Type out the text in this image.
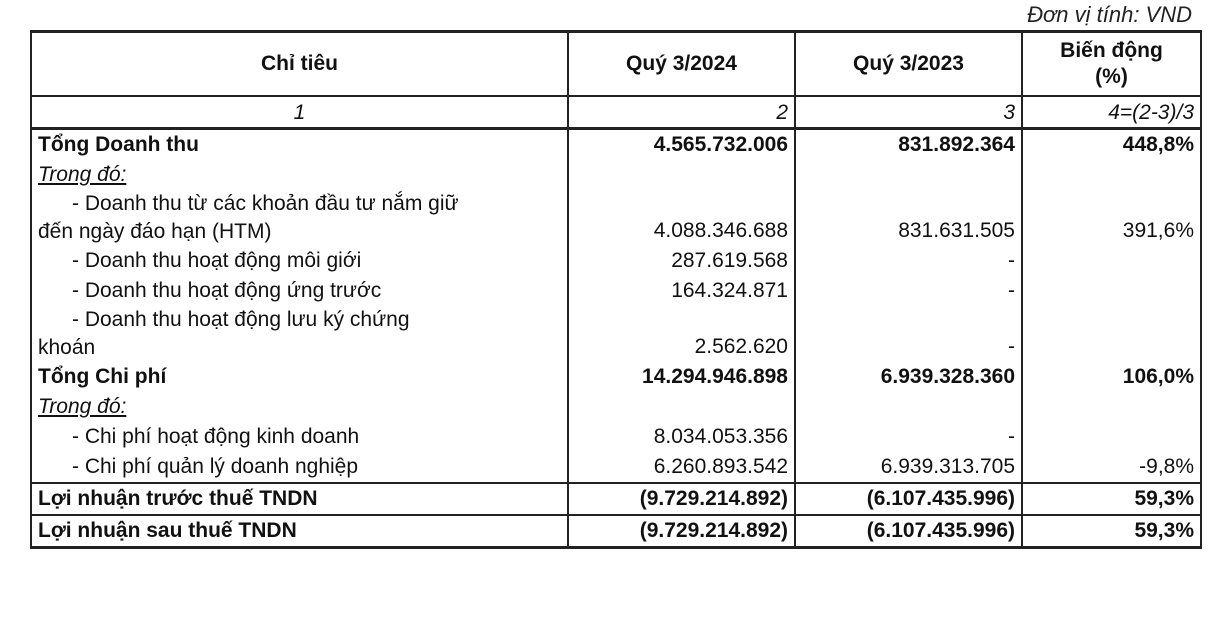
Đơn vị tính: VND
Chỉ tiêu	Quý 3/2024	Quý 3/2023	Biến động
(%)
1	2	3	4=(2-3)/3
Tổng Doanh thu	4.565.732.006	831.892.364	448,8%
Trong đó:			
- Doanh thu từ các khoản đầu tư nắm giữ
đến ngày đáo hạn (HTM)	4.088.346.688	831.631.505	391,6%
- Doanh thu hoạt động môi giới	287.619.568	-	
- Doanh thu hoạt động ứng trước	164.324.871	-	
- Doanh thu hoạt động lưu ký chứng
khoán	2.562.620	-	
Tổng Chi phí	14.294.946.898	6.939.328.360	106,0%
Trong đó:			
- Chi phí hoạt động kinh doanh	8.034.053.356	-	
- Chi phí quản lý doanh nghiệp	6.260.893.542	6.939.313.705	-9,8%
Lợi nhuận trước thuế TNDN	(9.729.214.892)	(6.107.435.996)	59,3%
Lợi nhuận sau thuế TNDN	(9.729.214.892)	(6.107.435.996)	59,3%
